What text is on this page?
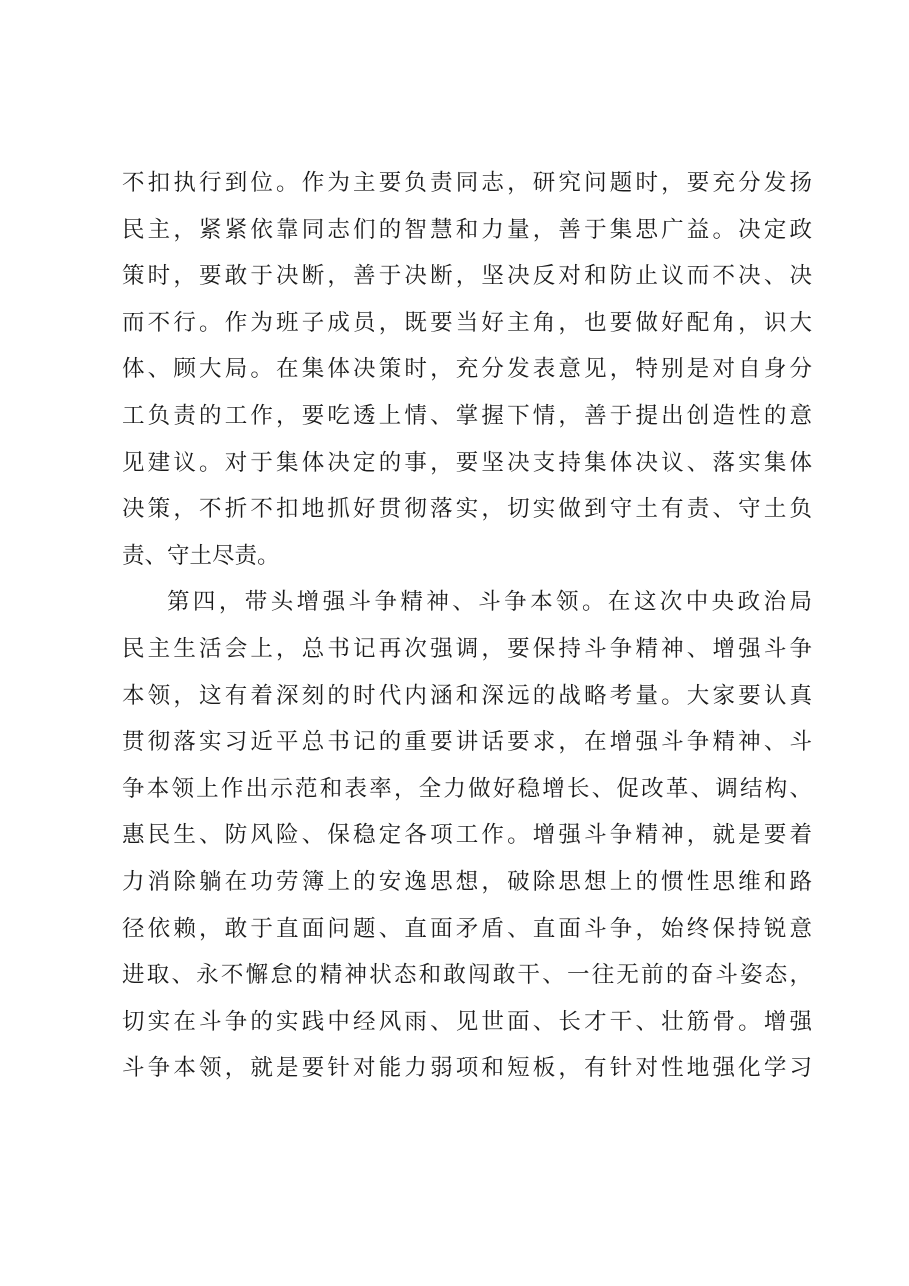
不扣执行到位。作为主要负责同志，研究问题时，要充分发扬
民主，紧紧依靠同志们的智慧和力量，善于集思广益。决定政
策时，要敢于决断，善于决断，坚决反对和防止议而不决、决
而不行。作为班子成员，既要当好主角，也要做好配角，识大
体、顾大局。在集体决策时，充分发表意见，特别是对自身分
工负责的工作，要吃透上情、掌握下情，善于提出创造性的意
见建议。对于集体决定的事，要坚决支持集体决议、落实集体
决策，不折不扣地抓好贯彻落实，切实做到守土有责、守土负
责、守土尽责。
第四，带头增强斗争精神、斗争本领。在这次中央政治局
民主生活会上，总书记再次强调，要保持斗争精神、增强斗争
本领，这有着深刻的时代内涵和深远的战略考量。大家要认真
贯彻落实习近平总书记的重要讲话要求，在增强斗争精神、斗
争本领上作出示范和表率，全力做好稳增长、促改革、调结构、
惠民生、防风险、保稳定各项工作。增强斗争精神，就是要着
力消除躺在功劳簿上的安逸思想，破除思想上的惯性思维和路
径依赖，敢于直面问题、直面矛盾、直面斗争，始终保持锐意
进取、永不懈怠的精神状态和敢闯敢干、一往无前的奋斗姿态，
切实在斗争的实践中经风雨、见世面、长才干、壮筋骨。增强
斗争本领，就是要针对能力弱项和短板，有针对性地强化学习
